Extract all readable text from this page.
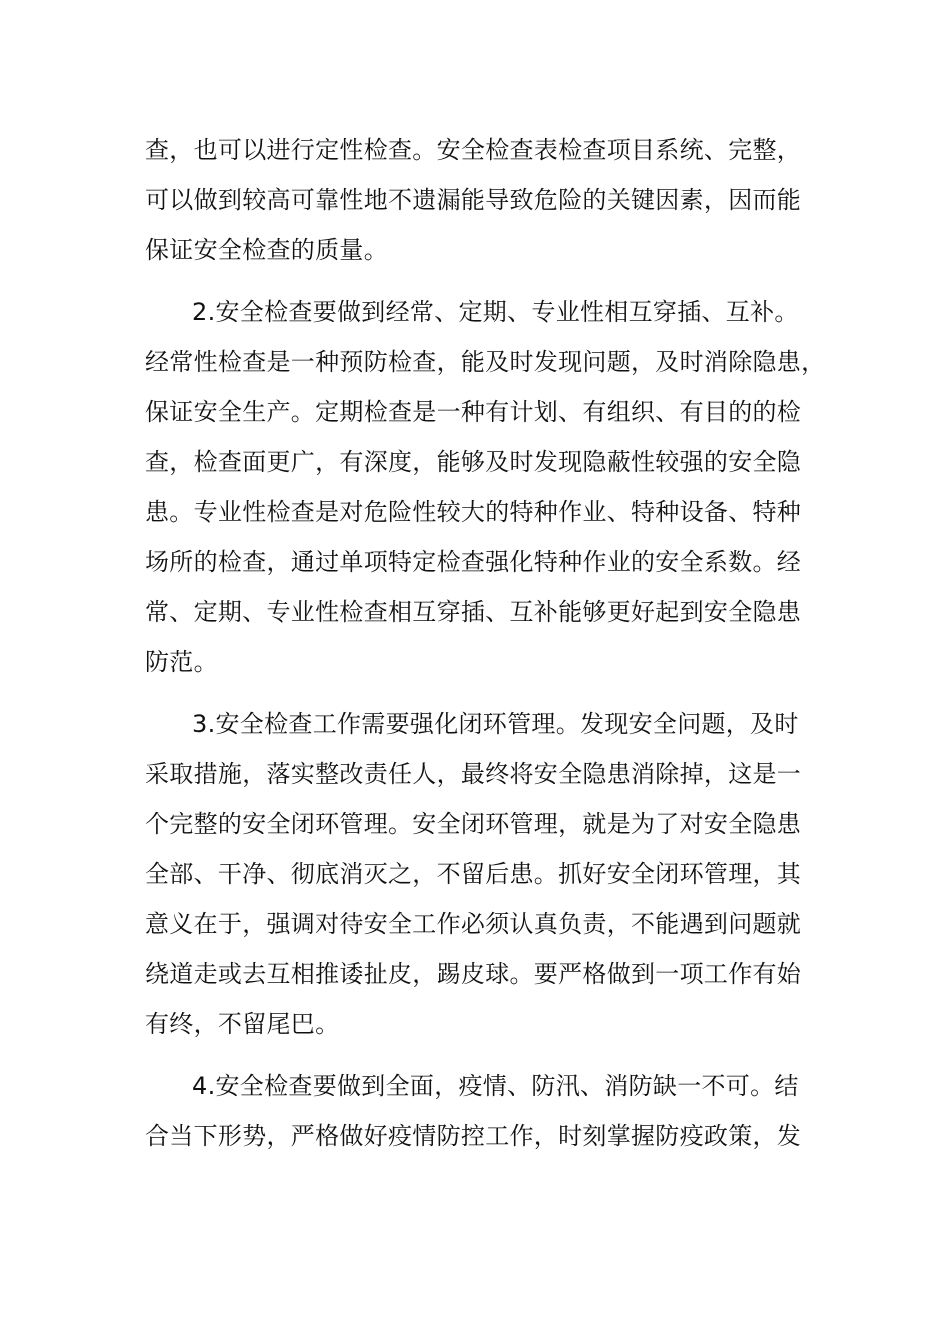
查，也可以进行定性检查。安全检查表检查项目系统、完整，
可以做到较高可靠性地不遗漏能导致危险的关键因素，因而能
保证安全检查的质量。
2.安全检查要做到经常、定期、专业性相互穿插、互补。
经常性检查是一种预防检查，能及时发现问题，及时消除隐患，
保证安全生产。定期检查是一种有计划、有组织、有目的的检
查，检查面更广，有深度，能够及时发现隐蔽性较强的安全隐
患。专业性检查是对危险性较大的特种作业、特种设备、特种
场所的检查，通过单项特定检查强化特种作业的安全系数。经
常、定期、专业性检查相互穿插、互补能够更好起到安全隐患
防范。
3.安全检查工作需要强化闭环管理。发现安全问题，及时
采取措施，落实整改责任人，最终将安全隐患消除掉，这是一
个完整的安全闭环管理。安全闭环管理，就是为了对安全隐患
全部、干净、彻底消灭之，不留后患。抓好安全闭环管理，其
意义在于，强调对待安全工作必须认真负责，不能遇到问题就
绕道走或去互相推诿扯皮，踢皮球。要严格做到一项工作有始
有终，不留尾巴。
4.安全检查要做到全面，疫情、防汛、消防缺一不可。结
合当下形势，严格做好疫情防控工作，时刻掌握防疫政策，发
